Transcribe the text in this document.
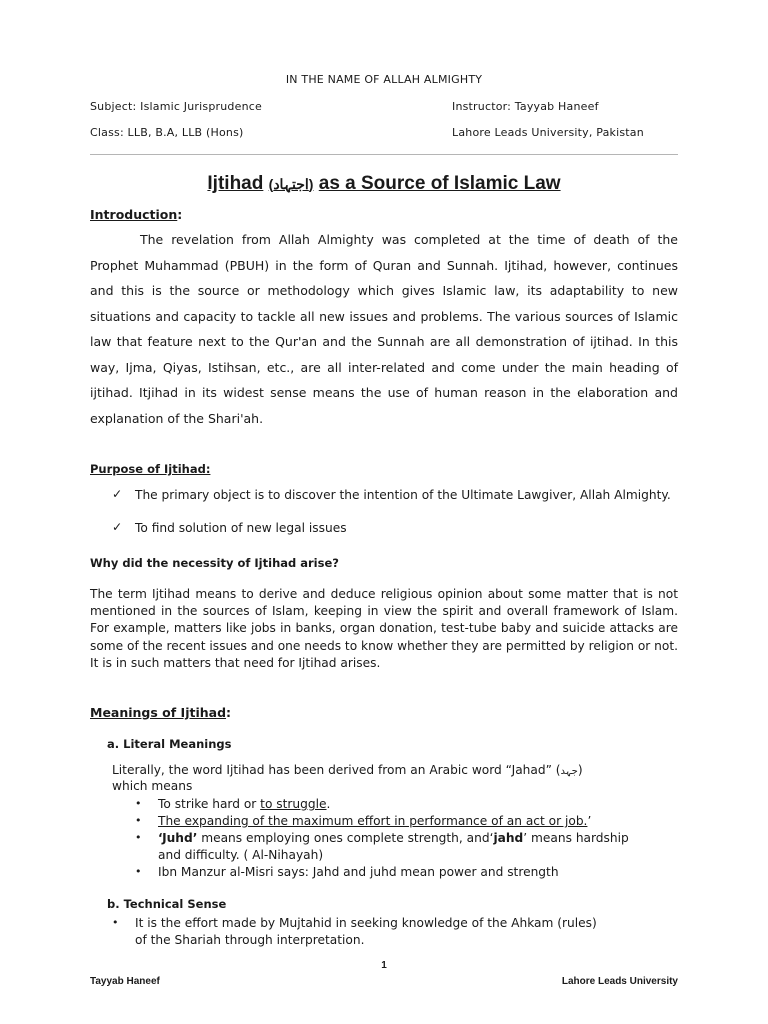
IN THE NAME OF ALLAH ALMIGHTY
Subject: Islamic Jurisprudence	Instructor: Tayyab Haneef
Class: LLB, B.A, LLB (Hons)	Lahore Leads University, Pakistan
Ijtihad (اجتہاد) as a Source of Islamic Law
Introduction:
The revelation from Allah Almighty was completed at the time of death of the Prophet Muhammad (PBUH) in the form of Quran and Sunnah. Ijtihad, however, continues and this is the source or methodology which gives Islamic law, its adaptability to new situations and capacity to tackle all new issues and problems. The various sources of Islamic law that feature next to the Qur'an and the Sunnah are all demonstration of ijtihad. In this way, Ijma, Qiyas, Istihsan, etc., are all inter-related and come under the main heading of ijtihad. Itjihad in its widest sense means the use of human reason in the elaboration and explanation of the Shari'ah.
Purpose of Ijtihad:
✓ The primary object is to discover the intention of the Ultimate Lawgiver, Allah Almighty.
✓ To find solution of new legal issues
Why did the necessity of Ijtihad arise?
The term Ijtihad means to derive and deduce religious opinion about some matter that is not mentioned in the sources of Islam, keeping in view the spirit and overall framework of Islam. For example, matters like jobs in banks, organ donation, test-tube baby and suicide attacks are some of the recent issues and one needs to know whether they are permitted by religion or not. It is in such matters that need for Ijtihad arises.
Meanings of Ijtihad:
a. Literal Meanings
Literally, the word Ijtihad has been derived from an Arabic word “Jahad” (جہد)
which means
• To strike hard or to struggle.
• The expanding of the maximum effort in performance of an act or job.’
• ‘Juhd’ means employing ones complete strength, and‘jahd’ means hardship
and difficulty. ( Al-Nihayah)
• Ibn Manzur al-Misri says: Jahd and juhd mean power and strength
b. Technical Sense
• It is the effort made by Mujtahid in seeking knowledge of the Ahkam (rules)
of the Shariah through interpretation.
1
Tayyab Haneef	Lahore Leads University
